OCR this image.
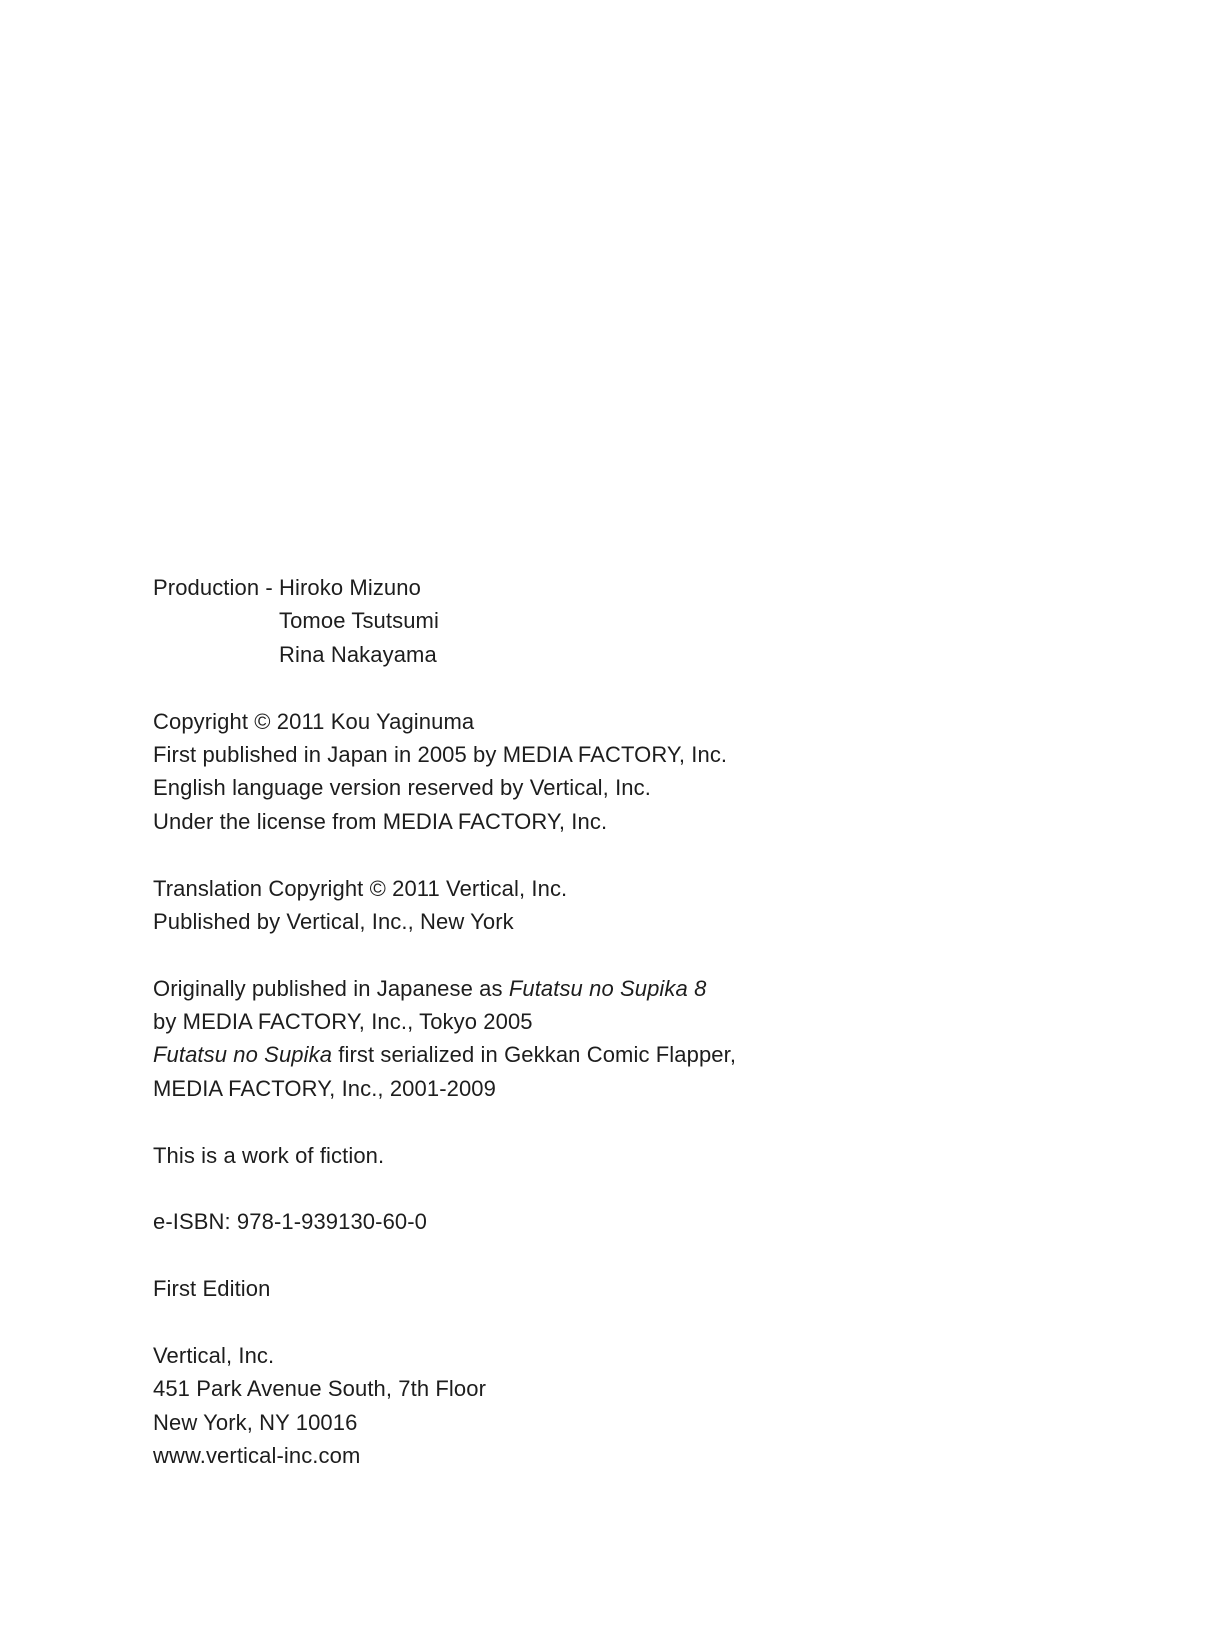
Production - Hiroko Mizuno
Tomoe Tsutsumi
Rina Nakayama
Copyright © 2011 Kou Yaginuma
First published in Japan in 2005 by MEDIA FACTORY, Inc.
English language version reserved by Vertical, Inc.
Under the license from MEDIA FACTORY, Inc.
Translation Copyright © 2011 Vertical, Inc.
Published by Vertical, Inc., New York
Originally published in Japanese as Futatsu no Supika 8
by MEDIA FACTORY, Inc., Tokyo 2005
Futatsu no Supika first serialized in Gekkan Comic Flapper,
MEDIA FACTORY, Inc., 2001-2009
This is a work of fiction.
e-ISBN: 978-1-939130-60-0
First Edition
Vertical, Inc.
451 Park Avenue South, 7th Floor
New York, NY 10016
www.vertical-inc.com
